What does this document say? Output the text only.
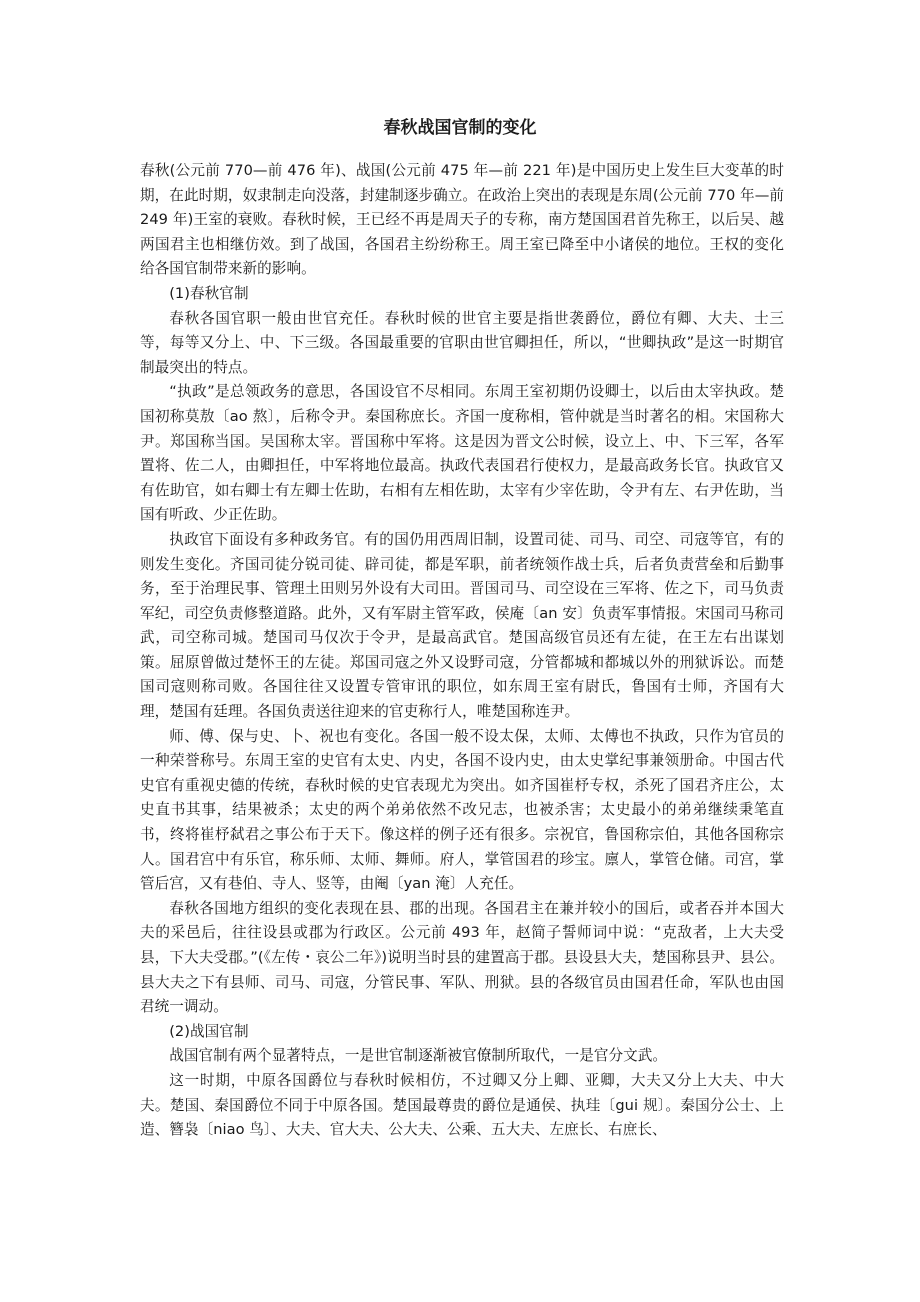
春秋战国官制的变化

春秋(公元前 770—前 476 年)、战国(公元前 475 年—前 221 年)是中国历史上发生巨大变革的时期，在此时期，奴隶制走向没落，封建制逐步确立。在政治上突出的表现是东周(公元前 770 年—前 249 年)王室的衰败。春秋时候，王已经不再是周天子的专称，南方楚国国君首先称王，以后吴、越两国君主也相继仿效。到了战国，各国君主纷纷称王。周王室已降至中小诸侯的地位。王权的变化给各国官制带来新的影响。

(1)春秋官制

春秋各国官职一般由世官充任。春秋时候的世官主要是指世袭爵位，爵位有卿、大夫、士三等，每等又分上、中、下三级。各国最重要的官职由世官卿担任，所以，“世卿执政”是这一时期官制最突出的特点。

“执政”是总领政务的意思，各国设官不尽相同。东周王室初期仍设卿士，以后由太宰执政。楚国初称莫敖〔ao 熬〕，后称令尹。秦国称庶长。齐国一度称相，管仲就是当时著名的相。宋国称大尹。郑国称当国。吴国称太宰。晋国称中军将。这是因为晋文公时候，设立上、中、下三军，各军置将、佐二人，由卿担任，中军将地位最高。执政代表国君行使权力，是最高政务长官。执政官又有佐助官，如右卿士有左卿士佐助，右相有左相佐助，太宰有少宰佐助，令尹有左、右尹佐助，当国有听政、少正佐助。

执政官下面设有多种政务官。有的国仍用西周旧制，设置司徒、司马、司空、司寇等官，有的则发生变化。齐国司徒分锐司徒、辟司徒，都是军职，前者统领作战士兵，后者负责营垒和后勤事务，至于治理民事、管理土田则另外设有大司田。晋国司马、司空设在三军将、佐之下，司马负责军纪，司空负责修整道路。此外，又有军尉主管军政，侯庵〔an 安〕负责军事情报。宋国司马称司武，司空称司城。楚国司马仅次于令尹，是最高武官。楚国高级官员还有左徒，在王左右出谋划策。屈原曾做过楚怀王的左徒。郑国司寇之外又设野司寇，分管都城和都城以外的刑狱诉讼。而楚国司寇则称司败。各国往往又设置专管审讯的职位，如东周王室有尉氏，鲁国有士师，齐国有大理，楚国有廷理。各国负责送往迎来的官吏称行人，唯楚国称连尹。

师、傅、保与史、卜、祝也有变化。各国一般不设太保，太师、太傅也不执政，只作为官员的一种荣誉称号。东周王室的史官有太史、内史，各国不设内史，由太史掌纪事兼领册命。中国古代史官有重视史德的传统，春秋时候的史官表现尤为突出。如齐国崔杼专权，杀死了国君齐庄公，太史直书其事，结果被杀；太史的两个弟弟依然不改兄志，也被杀害；太史最小的弟弟继续秉笔直书，终将崔杼弑君之事公布于天下。像这样的例子还有很多。宗祝官，鲁国称宗伯，其他各国称宗人。国君宫中有乐官，称乐师、太师、舞师。府人，掌管国君的珍宝。廪人，掌管仓储。司宫，掌管后宫，又有巷伯、寺人、竖等，由阉〔yan 淹〕人充任。

春秋各国地方组织的变化表现在县、郡的出现。各国君主在兼并较小的国后，或者吞并本国大夫的采邑后，往往设县或郡为行政区。公元前 493 年，赵简子誓师词中说：“克敌者，上大夫受县，下大夫受郡。”(《左传・哀公二年》)说明当时县的建置高于郡。县设县大夫，楚国称县尹、县公。县大夫之下有县师、司马、司寇，分管民事、军队、刑狱。县的各级官员由国君任命，军队也由国君统一调动。

(2)战国官制

战国官制有两个显著特点，一是世官制逐渐被官僚制所取代，一是官分文武。

这一时期，中原各国爵位与春秋时候相仿，不过卿又分上卿、亚卿，大夫又分上大夫、中大夫。楚国、秦国爵位不同于中原各国。楚国最尊贵的爵位是通侯、执珪〔gui 规〕。秦国分公士、上造、簪袅〔niao 鸟〕、大夫、官大夫、公大夫、公乘、五大夫、左庶长、右庶长、
